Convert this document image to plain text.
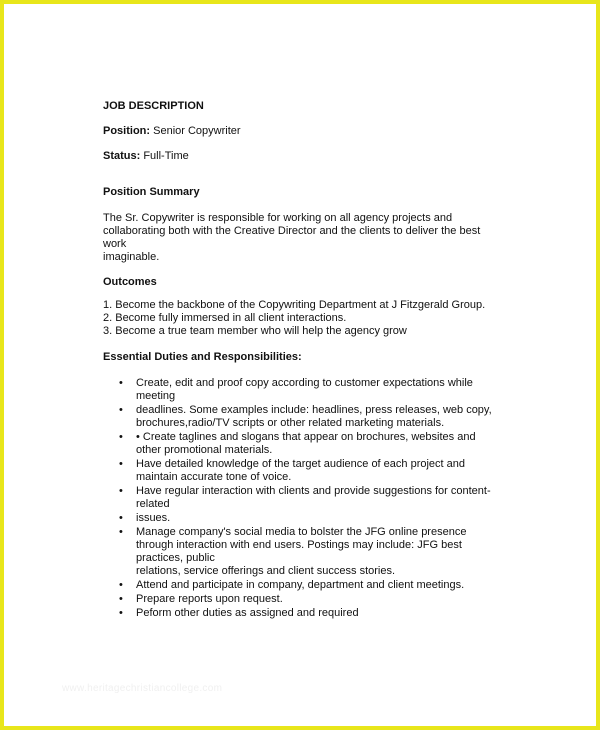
JOB DESCRIPTION
Position: Senior Copywriter
Status: Full-Time
Position Summary
The Sr. Copywriter is responsible for working on all agency projects and
collaborating both with the Creative Director and the clients to deliver the best
work
imaginable.
Outcomes
1. Become the backbone of the Copywriting Department at J Fitzgerald Group.
2. Become fully immersed in all client interactions.
3. Become a true team member who will help the agency grow
Essential Duties and Responsibilities:
• Create, edit and proof copy according to customer expectations while
meeting
• deadlines. Some examples include: headlines, press releases, web copy,
brochures,radio/TV scripts or other related marketing materials.
• • Create taglines and slogans that appear on brochures, websites and
other promotional materials.
• Have detailed knowledge of the target audience of each project and
maintain accurate tone of voice.
• Have regular interaction with clients and provide suggestions for content-
related
• issues.
• Manage company's social media to bolster the JFG online presence
through interaction with end users. Postings may include: JFG best
practices, public
relations, service offerings and client success stories.
• Attend and participate in company, department and client meetings.
• Prepare reports upon request.
• Peform other duties as assigned and required
www.heritagechristiancollege.com
